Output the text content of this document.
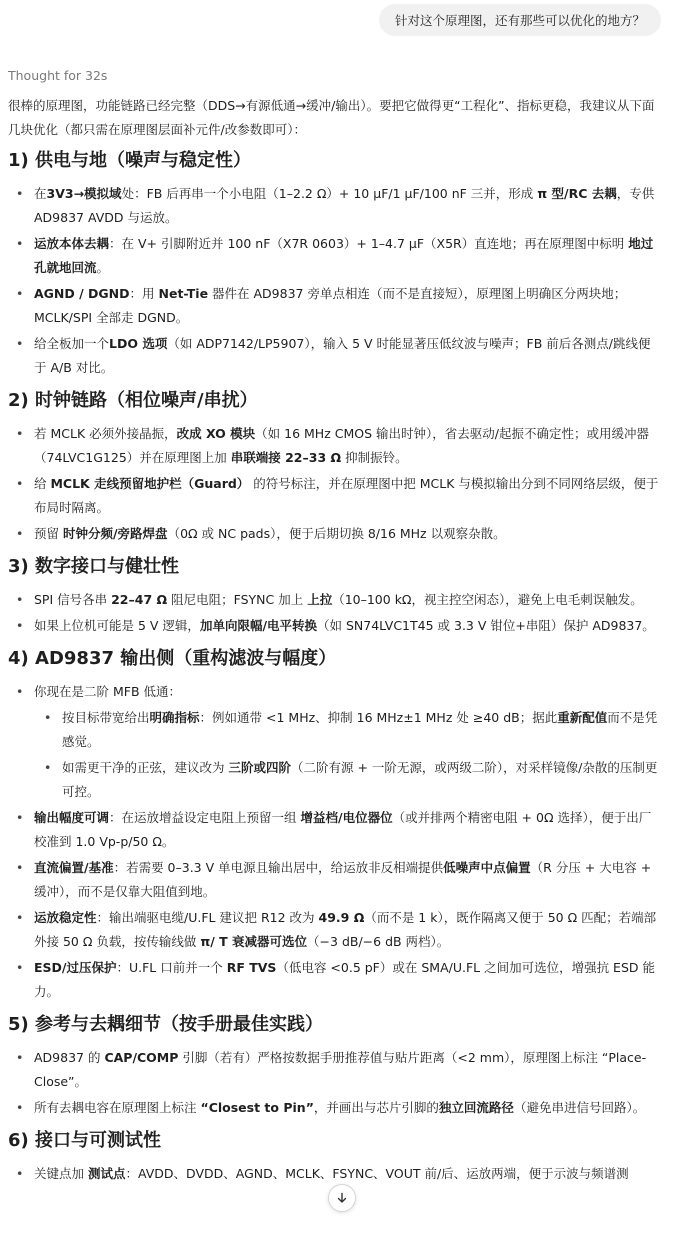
针对这个原理图，还有那些可以优化的地方？
Thought for 32s
很棒的原理图，功能链路已经完整（DDS→有源低通→缓冲/输出）。要把它做得更“工程化”、指标更稳，我建议从下面几块优化（都只需在原理图层面补元件/改参数即可）：
1) 供电与地（噪声与稳定性）
• 在3V3→模拟域处：FB 后再串一个小电阻（1–2.2 Ω）+ 10 μF/1 μF/100 nF 三并，形成 π 型/RC 去耦，专供 AD9837 AVDD 与运放。
• 运放本体去耦：在 V+ 引脚附近并 100 nF（X7R 0603）+ 1–4.7 μF（X5R）直连地；再在原理图中标明 地过孔就地回流。
• AGND / DGND：用 Net-Tie 器件在 AD9837 旁单点相连（而不是直接短），原理图上明确区分两块地；MCLK/SPI 全部走 DGND。
• 给全板加一个LDO 选项（如 ADP7142/LP5907），输入 5 V 时能显著压低纹波与噪声；FB 前后各测点/跳线便于 A/B 对比。
2) 时钟链路（相位噪声/串扰）
• 若 MCLK 必须外接晶振，改成 XO 模块（如 16 MHz CMOS 输出时钟），省去驱动/起振不确定性；或用缓冲器（74LVC1G125）并在原理图上加 串联端接 22–33 Ω 抑制振铃。
• 给 MCLK 走线预留地护栏（Guard） 的符号标注，并在原理图中把 MCLK 与模拟输出分到不同网络层级，便于布局时隔离。
• 预留 时钟分频/旁路焊盘（0Ω 或 NC pads），便于后期切换 8/16 MHz 以观察杂散。
3) 数字接口与健壮性
• SPI 信号各串 22–47 Ω 阻尼电阻；FSYNC 加上 上拉（10–100 kΩ，视主控空闲态），避免上电毛刺误触发。
• 如果上位机可能是 5 V 逻辑，加单向限幅/电平转换（如 SN74LVC1T45 或 3.3 V 钳位+串阻）保护 AD9837。
4) AD9837 输出侧（重构滤波与幅度）
• 你现在是二阶 MFB 低通：
• 按目标带宽给出明确指标：例如通带 <1 MHz、抑制 16 MHz±1 MHz 处 ≥40 dB；据此重新配值而不是凭感觉。
• 如需更干净的正弦，建议改为 三阶或四阶（二阶有源 + 一阶无源，或两级二阶），对采样镜像/杂散的压制更可控。
• 输出幅度可调：在运放增益设定电阻上预留一组 增益档/电位器位（或并排两个精密电阻 + 0Ω 选择），便于出厂校准到 1.0 Vp-p/50 Ω。
• 直流偏置/基准：若需要 0–3.3 V 单电源且输出居中，给运放非反相端提供低噪声中点偏置（R 分压 + 大电容 + 缓冲），而不是仅靠大阻值到地。
• 运放稳定性：输出端驱电缆/U.FL 建议把 R12 改为 49.9 Ω（而不是 1 k），既作隔离又便于 50 Ω 匹配；若端部外接 50 Ω 负载，按传输线做 π/ T 衰减器可选位（−3 dB/−6 dB 两档）。
• ESD/过压保护：U.FL 口前并一个 RF TVS（低电容 <0.5 pF）或在 SMA/U.FL 之间加可选位，增强抗 ESD 能力。
5) 参考与去耦细节（按手册最佳实践）
• AD9837 的 CAP/COMP 引脚（若有）严格按数据手册推荐值与贴片距离（<2 mm），原理图上标注 “Place-Close”。
• 所有去耦电容在原理图上标注 “Closest to Pin”，并画出与芯片引脚的独立回流路径（避免串进信号回路）。
6) 接口与可测试性
• 关键点加 测试点：AVDD、DVDD、AGND、MCLK、FSYNC、VOUT 前/后、运放两端，便于示波与频谱测
